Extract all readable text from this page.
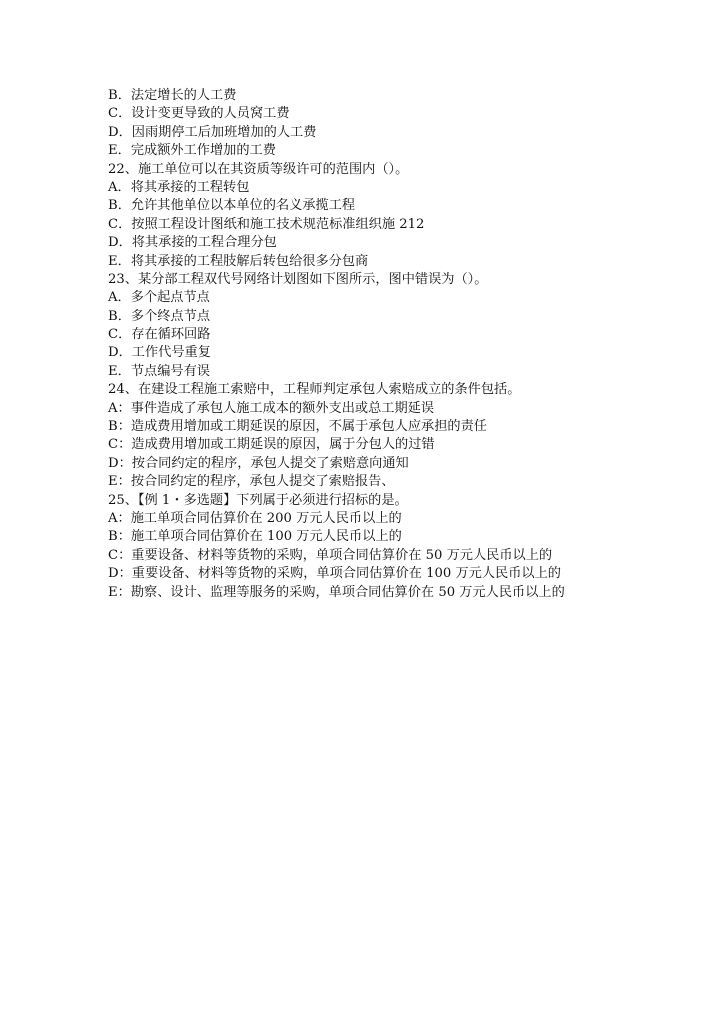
B．法定增长的人工费
C．设计变更导致的人员窝工费
D．因雨期停工后加班增加的人工费
E．完成额外工作增加的工费
22、施工单位可以在其资质等级许可的范围内（）。
A．将其承接的工程转包
B．允许其他单位以本单位的名义承揽工程
C．按照工程设计图纸和施工技术规范标准组织施 212
D．将其承接的工程合理分包
E．将其承接的工程肢解后转包给很多分包商
23、某分部工程双代号网络计划图如下图所示，图中错误为（）。
A．多个起点节点
B．多个终点节点
C．存在循环回路
D．工作代号重复
E．节点编号有误
24、在建设工程施工索赔中，工程师判定承包人索赔成立的条件包括。
A：事件造成了承包人施工成本的额外支出或总工期延误
B：造成费用增加或工期延误的原因，不属于承包人应承担的责任
C：造成费用增加或工期延误的原因，属于分包人的过错
D：按合同约定的程序，承包人提交了索赔意向通知
E：按合同约定的程序，承包人提交了索赔报告、
25、【例 1・多选题】下列属于必须进行招标的是。
A：施工单项合同估算价在 200 万元人民币以上的
B：施工单项合同估算价在 100 万元人民币以上的
C：重要设备、材料等货物的采购，单项合同估算价在 50 万元人民币以上的
D：重要设备、材料等货物的采购，单项合同估算价在 100 万元人民币以上的
E：勘察、设计、监理等服务的采购，单项合同估算价在 50 万元人民币以上的
